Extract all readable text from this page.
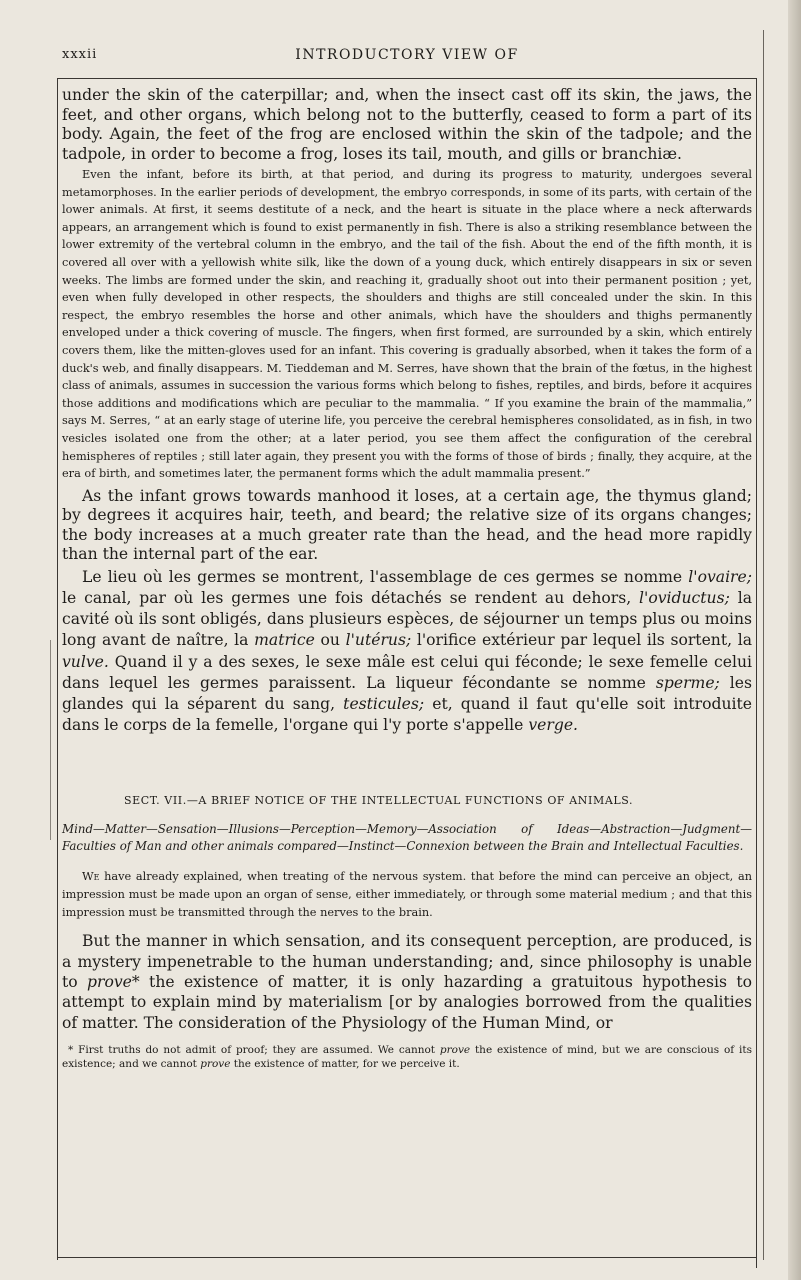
xxxii	INTRODUCTORY VIEW OF

under the skin of the caterpillar; and, when the insect cast off its skin, the jaws, the feet, and other organs, which belong not to the butterfly, ceased to form a part of its body. Again, the feet of the frog are enclosed within the skin of the tadpole; and the tadpole, in order to become a frog, loses its tail, mouth, and gills or branchiæ.

Even the infant, before its birth, at that period, and during its progress to maturity, undergoes several metamorphoses. In the earlier periods of development, the embryo corresponds, in some of its parts, with certain of the lower animals. At first, it seems destitute of a neck, and the heart is situate in the place where a neck afterwards appears, an arrangement which is found to exist permanently in fish. There is also a striking resemblance between the lower extremity of the vertebral column in the embryo, and the tail of the fish. About the end of the fifth month, it is covered all over with a yellowish white silk, like the down of a young duck, which entirely disappears in six or seven weeks. The limbs are formed under the skin, and reaching it, gradually shoot out into their permanent position ; yet, even when fully developed in other respects, the shoulders and thighs are still concealed under the skin. In this respect, the embryo resembles the horse and other animals, which have the shoulders and thighs permanently enveloped under a thick covering of muscle. The fingers, when first formed, are surrounded by a skin, which entirely covers them, like the mitten-gloves used for an infant. This covering is gradually absorbed, when it takes the form of a duck's web, and finally disappears. M. Tieddeman and M. Serres, have shown that the brain of the fœtus, in the highest class of animals, assumes in succession the various forms which belong to fishes, reptiles, and birds, before it acquires those additions and modifications which are peculiar to the mammalia. “ If you examine the brain of the mammalia,” says M. Serres, “ at an early stage of uterine life, you perceive the cerebral hemispheres consolidated, as in fish, in two vesicles isolated one from the other; at a later period, you see them affect the configuration of the cerebral hemispheres of reptiles ; still later again, they present you with the forms of those of birds ; finally, they acquire, at the era of birth, and sometimes later, the permanent forms which the adult mammalia present.”

As the infant grows towards manhood it loses, at a certain age, the thymus gland; by degrees it acquires hair, teeth, and beard; the relative size of its organs changes; the body increases at a much greater rate than the head, and the head more rapidly than the internal part of the ear.

Le lieu où les germes se montrent, l'assemblage de ces germes se nomme l'ovaire; le canal, par où les germes une fois détachés se rendent au dehors, l'oviductus; la cavité où ils sont obligés, dans plusieurs espèces, de séjourner un temps plus ou moins long avant de naître, la matrice ou l'utérus; l'orifice extérieur par lequel ils sortent, la vulve. Quand il y a des sexes, le sexe mâle est celui qui féconde; le sexe femelle celui dans lequel les germes paraissent. La liqueur fécondante se nomme sperme; les glandes qui la séparent du sang, testicules; et, quand il faut qu'elle soit introduite dans le corps de la femelle, l'organe qui l'y porte s'appelle verge.

SECT. VII.—A BRIEF NOTICE OF THE INTELLECTUAL FUNCTIONS OF ANIMALS.

Mind—Matter—Sensation—Illusions—Perception—Memory—Association of Ideas—Abstraction—Judgment—Faculties of Man and other animals compared—Instinct—Connexion between the Brain and Intellectual Faculties.

We have already explained, when treating of the nervous system. that before the mind can perceive an object, an impression must be made upon an organ of sense, either immediately, or through some material medium ; and that this impression must be transmitted through the nerves to the brain.

But the manner in which sensation, and its consequent perception, are produced, is a mystery impenetrable to the human understanding; and, since philosophy is unable to prove* the existence of matter, it is only hazarding a gratuitous hypothesis to attempt to explain mind by materialism [or by analogies borrowed from the qualities of matter. The consideration of the Physiology of the Human Mind, or

* First truths do not admit of proof; they are assumed. We cannot prove the existence of mind, but we are conscious of its existence; and we cannot prove the existence of matter, for we perceive it.
